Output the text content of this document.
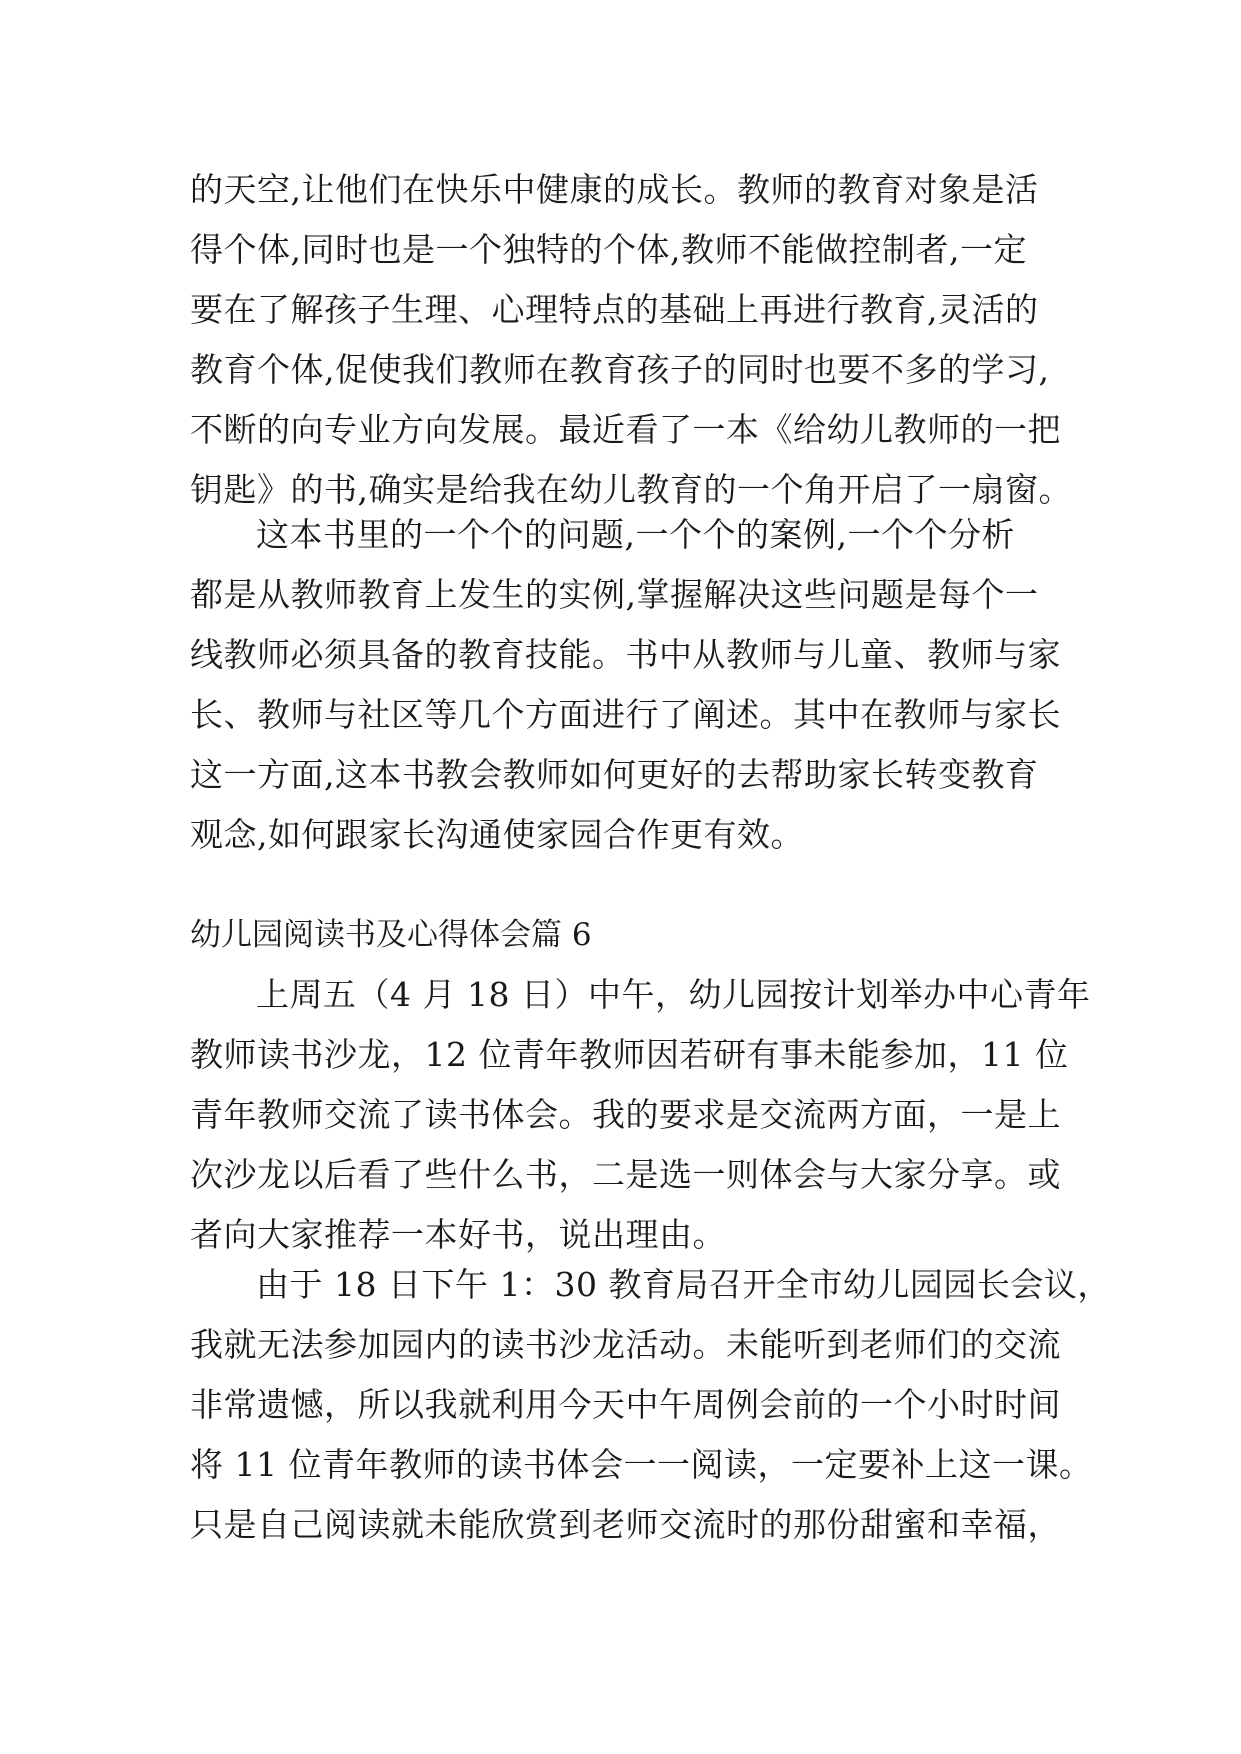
的天空,让他们在快乐中健康的成长。教师的教育对象是活
得个体,同时也是一个独特的个体,教师不能做控制者,一定
要在了解孩子生理、心理特点的基础上再进行教育,灵活的
教育个体,促使我们教师在教育孩子的同时也要不多的学习,
不断的向专业方向发展。最近看了一本《给幼儿教师的一把
钥匙》的书,确实是给我在幼儿教育的一个角开启了一扇窗。
这本书里的一个个的问题,一个个的案例,一个个分析
都是从教师教育上发生的实例,掌握解决这些问题是每个一
线教师必须具备的教育技能。书中从教师与儿童、教师与家
长、教师与社区等几个方面进行了阐述。其中在教师与家长
这一方面,这本书教会教师如何更好的去帮助家长转变教育
观念,如何跟家长沟通使家园合作更有效。
幼儿园阅读书及心得体会篇 6
上周五（4 月 18 日）中午，幼儿园按计划举办中心青年
教师读书沙龙，12 位青年教师因若研有事未能参加，11 位
青年教师交流了读书体会。我的要求是交流两方面，一是上
次沙龙以后看了些什么书，二是选一则体会与大家分享。或
者向大家推荐一本好书，说出理由。
由于 18 日下午 1：30 教育局召开全市幼儿园园长会议，
我就无法参加园内的读书沙龙活动。未能听到老师们的交流
非常遗憾，所以我就利用今天中午周例会前的一个小时时间
将 11 位青年教师的读书体会一一阅读，一定要补上这一课。
只是自己阅读就未能欣赏到老师交流时的那份甜蜜和幸福，
